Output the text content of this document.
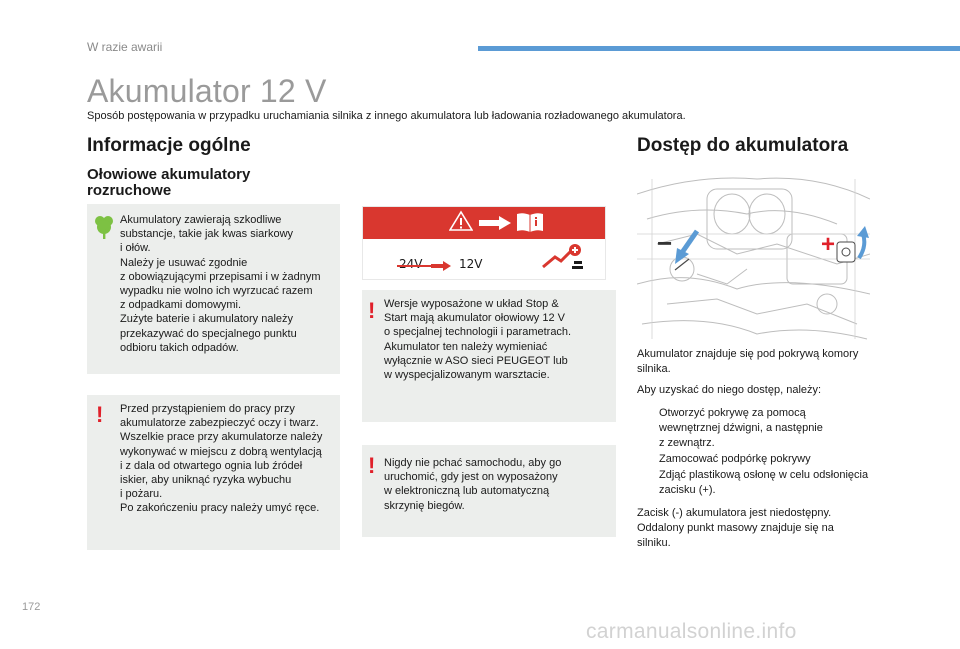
W razie awarii
Akumulator 12 V
Sposób postępowania w przypadku uruchamiania silnika z innego akumulatora lub ładowania rozładowanego akumulatora.
Informacje ogólne
Ołowiowe akumulatory
rozruchowe
Akumulatory zawierają szkodliwe
substancje, takie jak kwas siarkowy
i ołów.
Należy je usuwać zgodnie
z obowiązującymi przepisami i w żadnym
wypadku nie wolno ich wyrzucać razem
z odpadkami domowymi.
Zużyte baterie i akumulatory należy
przekazywać do specjalnego punktu
odbioru takich odpadów.
! Przed przystąpieniem do pracy przy
akumulatorze zabezpieczyć oczy i twarz.
Wszelkie prace przy akumulatorze należy
wykonywać w miejscu z dobrą wentylacją
i z dala od otwartego ognia lub źródeł
iskier, aby uniknąć ryzyka wybuchu
i pożaru.
Po zakończeniu pracy należy umyć ręce.
24V	12V
! Wersje wyposażone w układ Stop &
Start mają akumulator ołowiowy 12 V
o specjalnej technologii i parametrach.
Akumulator ten należy wymieniać
wyłącznie w ASO sieci PEUGEOT lub
w wyspecjalizowanym warsztacie.
! Nigdy nie pchać samochodu, aby go
uruchomić, gdy jest on wyposażony
w elektroniczną lub automatyczną
skrzynię biegów.
Dostęp do akumulatora
−	+
Akumulator znajduje się pod pokrywą komory
silnika.
Aby uzyskać do niego dostęp, należy:
Otworzyć pokrywę za pomocą
wewnętrznej dźwigni, a następnie
z zewnątrz.
Zamocować podpórkę pokrywy
Zdjąć plastikową osłonę w celu odsłonięcia
zacisku (+).
Zacisk (-) akumulatora jest niedostępny.
Oddalony punkt masowy znajduje się na
silniku.
172
carmanualsonline.info
